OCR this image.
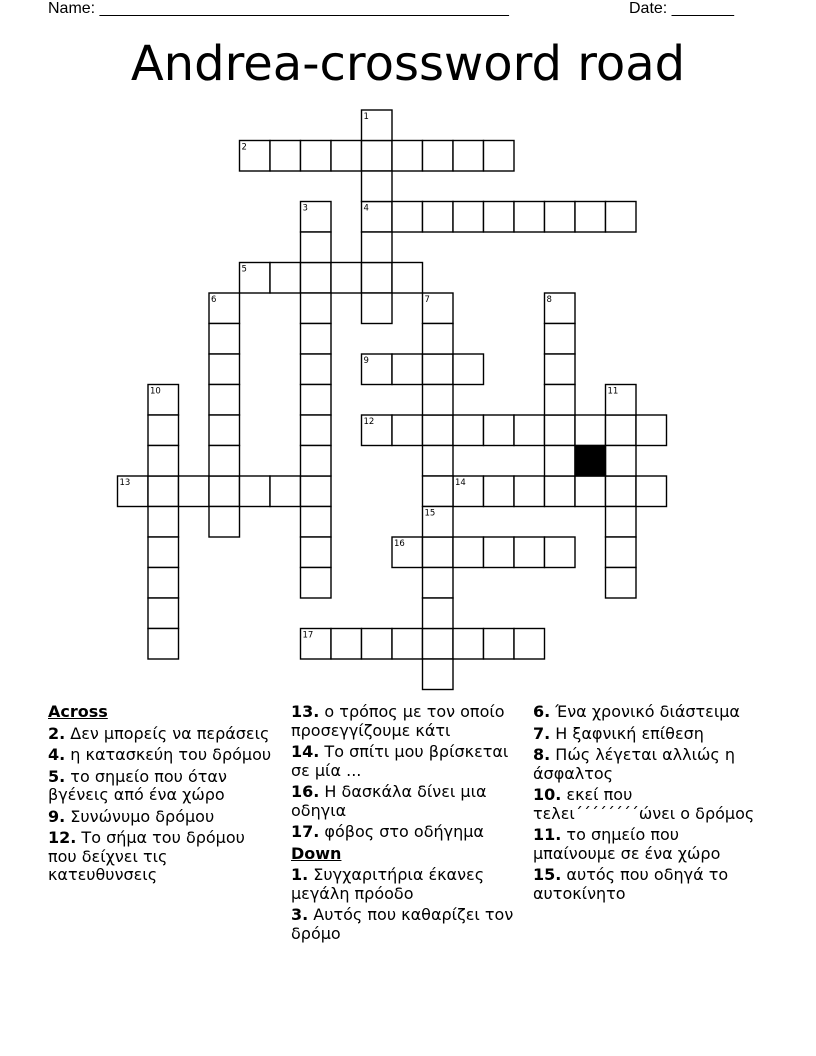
Name: ______________________________________________	Date: _______
Andrea-crossword road
1
2
3	4
5
6	7	8
9
10	11
12
13	14
15
16
17
Across
2. Δεν μπορείς να περάσεις
4. η κατασκεύη του δρόμου
5. το σημείο που όταν βγένεις από ένα χώρο
9. Συνώνυμο δρόμου
12. Το σήμα του δρόμου που δείχνει τις κατευθυνσεις
13. ο τρόπος με τον οποίο προσεγγίζουμε κάτι
14. Το σπίτι μου βρίσκεται σε μία ...
16. Η δασκάλα δίνει μια οδηγια
17. φόβος στο οδήγημα
Down
1. Συγχαριτήρια έκανες μεγάλη πρόοδο
3. Αυτός που καθαρίζει τον δρόμο
6. Ένα χρονικό διάστειμα
7. Η ξαφνική επίθεση
8. Πώς λέγεται αλλιώς η άσφαλτος
10. εκεί που τελει΄΄΄΄΄΄΄΄ώνει ο δρόμος
11. το σημείο που μπαίνουμε σε ένα χώρο
15. αυτός που οδηγά το αυτοκίνητο
